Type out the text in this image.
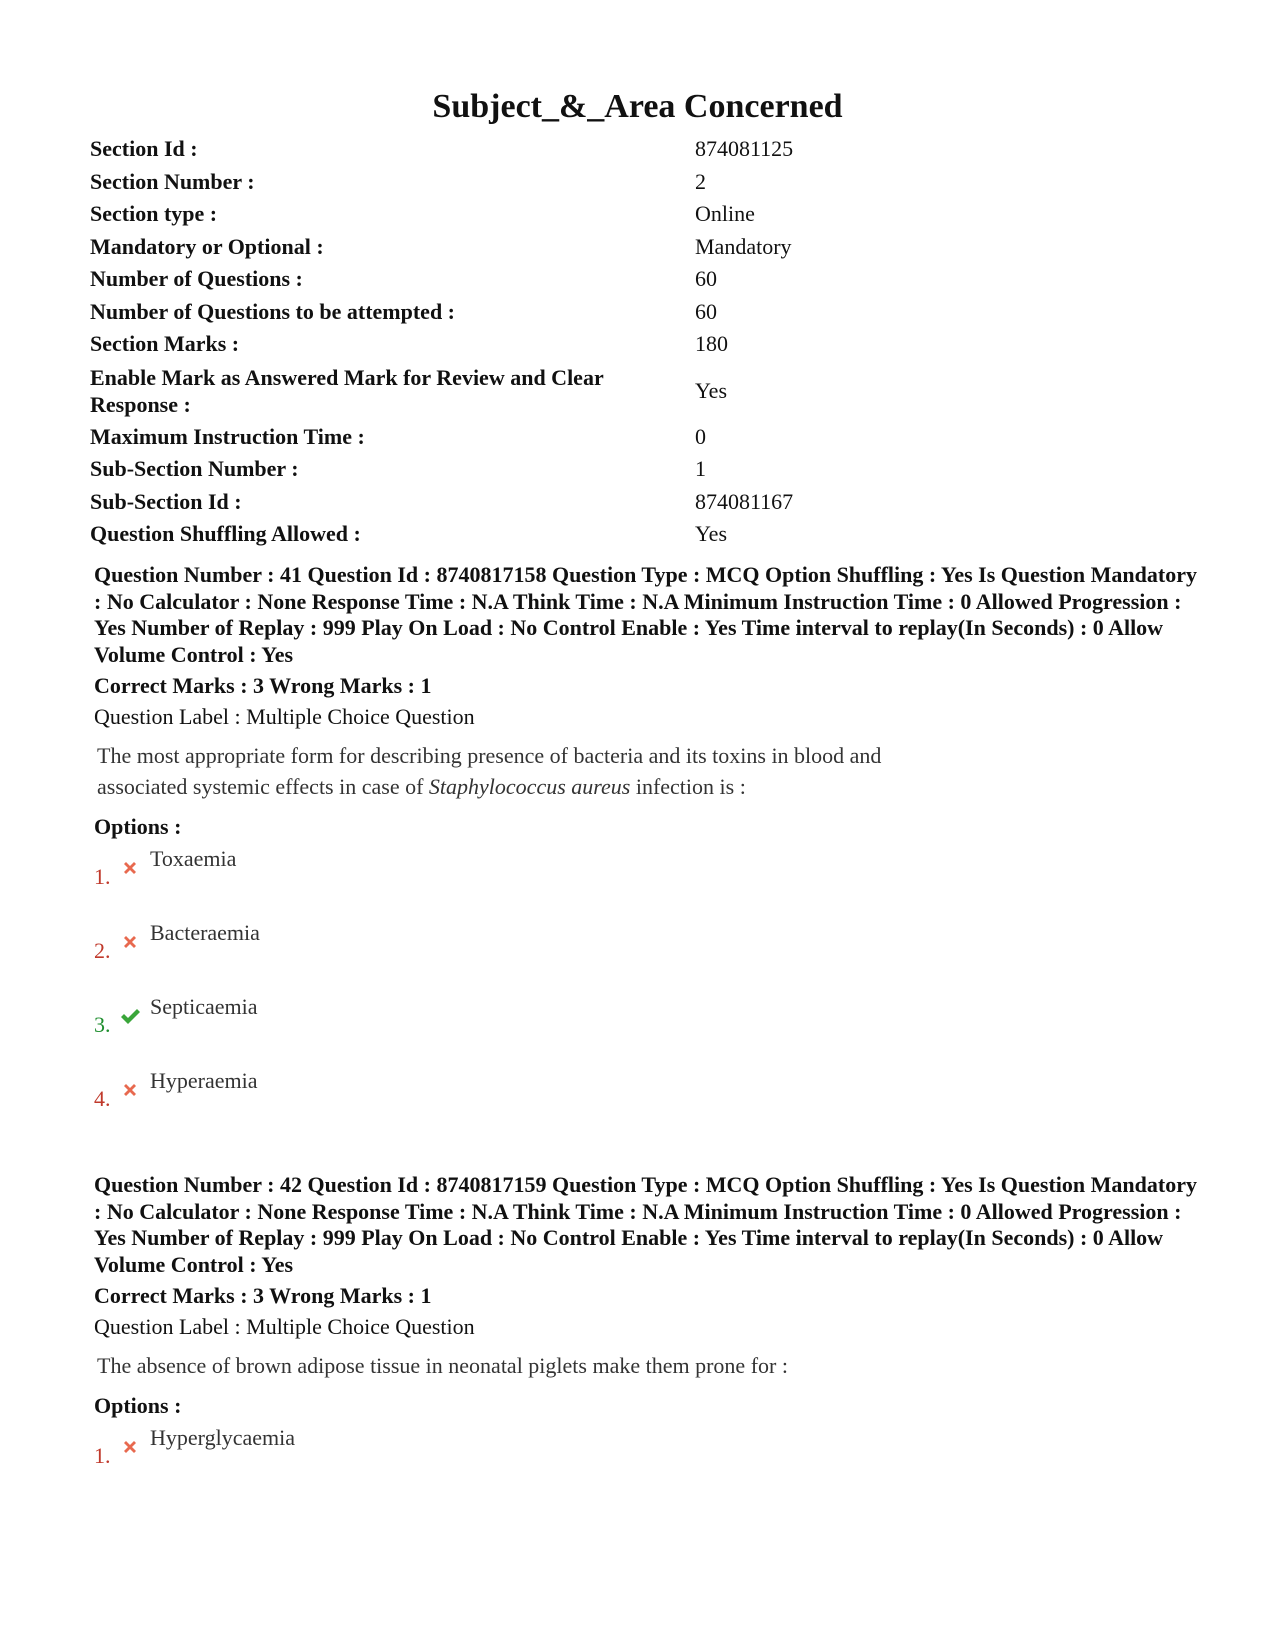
Subject_&_Area Concerned
Section Id :	874081125
Section Number :	2
Section type :	Online
Mandatory or Optional :	Mandatory
Number of Questions :	60
Number of Questions to be attempted :	60
Section Marks :	180
Enable Mark as Answered Mark for Review and Clear Response :
Yes
Maximum Instruction Time :	0
Sub-Section Number :	1
Sub-Section Id :	874081167
Question Shuffling Allowed :	Yes
Question Number : 41 Question Id : 8740817158 Question Type : MCQ Option Shuffling : Yes Is Question Mandatory : No Calculator : None Response Time : N.A Think Time : N.A Minimum Instruction Time : 0 Allowed Progression : Yes Number of Replay : 999 Play On Load : No Control Enable : Yes Time interval to replay(In Seconds) : 0 Allow Volume Control : Yes
Correct Marks : 3 Wrong Marks : 1
Question Label : Multiple Choice Question
The most appropriate form for describing presence of bacteria and its toxins in blood and associated systemic effects in case of Staphylococcus aureus infection is :
Options :
1.
Toxaemia
2.
Bacteraemia
3.
Septicaemia
4.
Hyperaemia
Question Number : 42 Question Id : 8740817159 Question Type : MCQ Option Shuffling : Yes Is Question Mandatory : No Calculator : None Response Time : N.A Think Time : N.A Minimum Instruction Time : 0 Allowed Progression : Yes Number of Replay : 999 Play On Load : No Control Enable : Yes Time interval to replay(In Seconds) : 0 Allow Volume Control : Yes
Correct Marks : 3 Wrong Marks : 1
Question Label : Multiple Choice Question
The absence of brown adipose tissue in neonatal piglets make them prone for :
Options :
1.
Hyperglycaemia
